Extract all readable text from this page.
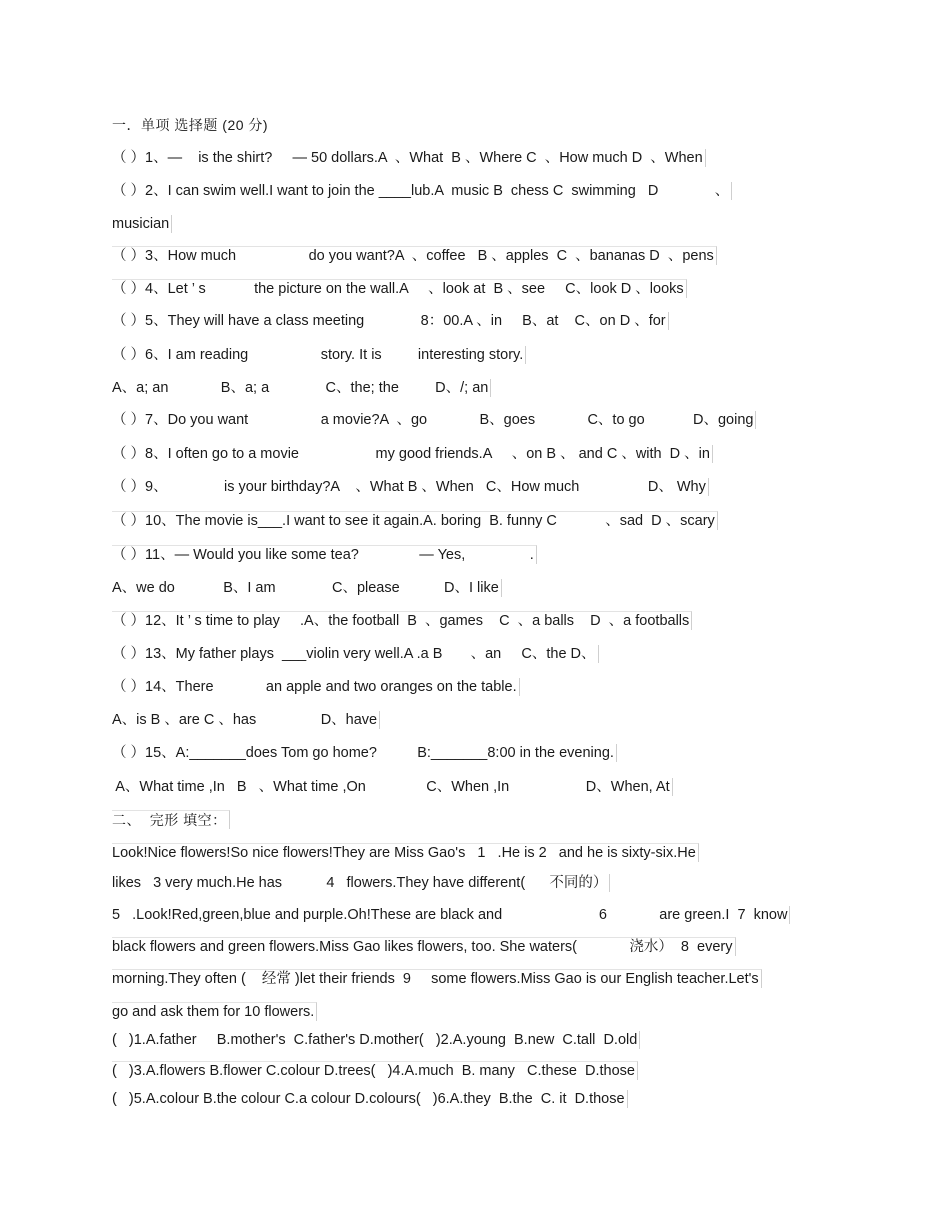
一．单项 选择题 (20 分)
（ ）1、—    is the shirt?     — 50 dollars.A  、What  B 、Where C  、How much D  、When
（ ）2、I can swim well.I want to join the ____lub.A  music B  chess C  swimming   D              、
musician
（ ）3、How much                  do you want?A  、coffee   B 、apples  C  、bananas D  、pens
（ ）4、Let ’ s            the picture on the wall.A     、look at  B 、see     C、look D 、looks
（ ）5、They will have a class meeting              8：00.A 、in     B、at    C、on D 、for
（ ）6、I am reading                  story. It is         interesting story.
A、a; an             B、a; a              C、the; the         D、/; an
（ ）7、Do you want                  a movie?A  、go             B、goes             C、to go            D、going
（ ）8、I often go to a movie                   my good friends.A     、on B 、 and C 、with  D 、in
（ ）9、              is your birthday?A    、What B 、When   C、How much                 D、 Why
（ ）10、The movie is___.I want to see it again.A. boring  B. funny C            、sad  D 、scary
（ ）11、— Would you like some tea?               — Yes,                .
A、we do            B、I am              C、please           D、I like
（ ）12、It ’ s time to play     .A、the football  B  、games    C  、a balls    D  、a footballs
（ ）13、My father plays  ___violin very well.A .a B       、an     C、the D、
（ ）14、There             an apple and two oranges on the table.
A、is B 、are C 、has                D、have
（ ）15、A:_______does Tom go home?          B:_______8:00 in the evening.
A、What time ,In   B   、What time ,On               C、When ,In                   D、When, At
二、  完形 填空：
Look!Nice flowers!So nice flowers!They are Miss Gao's   1   .He is 2   and he is sixty-six.He
likes   3 very much.He has           4   flowers.They have different(      不同的）
5   .Look!Red,green,blue and purple.Oh!These are black and                        6             are green.I  7  know
black flowers and green flowers.Miss Gao likes flowers, too. She waters(             浇水）  8  every
morning.They often (    经常 )let their friends  9     some flowers.Miss Gao is our English teacher.Let's
go and ask them for 10 flowers.
(   )1.A.father     B.mother's  C.father's D.mother(   )2.A.young  B.new  C.tall  D.old
(   )3.A.flowers B.flower C.colour D.trees(   )4.A.much  B. many   C.these  D.those
(   )5.A.colour B.the colour C.a colour D.colours(   )6.A.they  B.the  C. it  D.those
